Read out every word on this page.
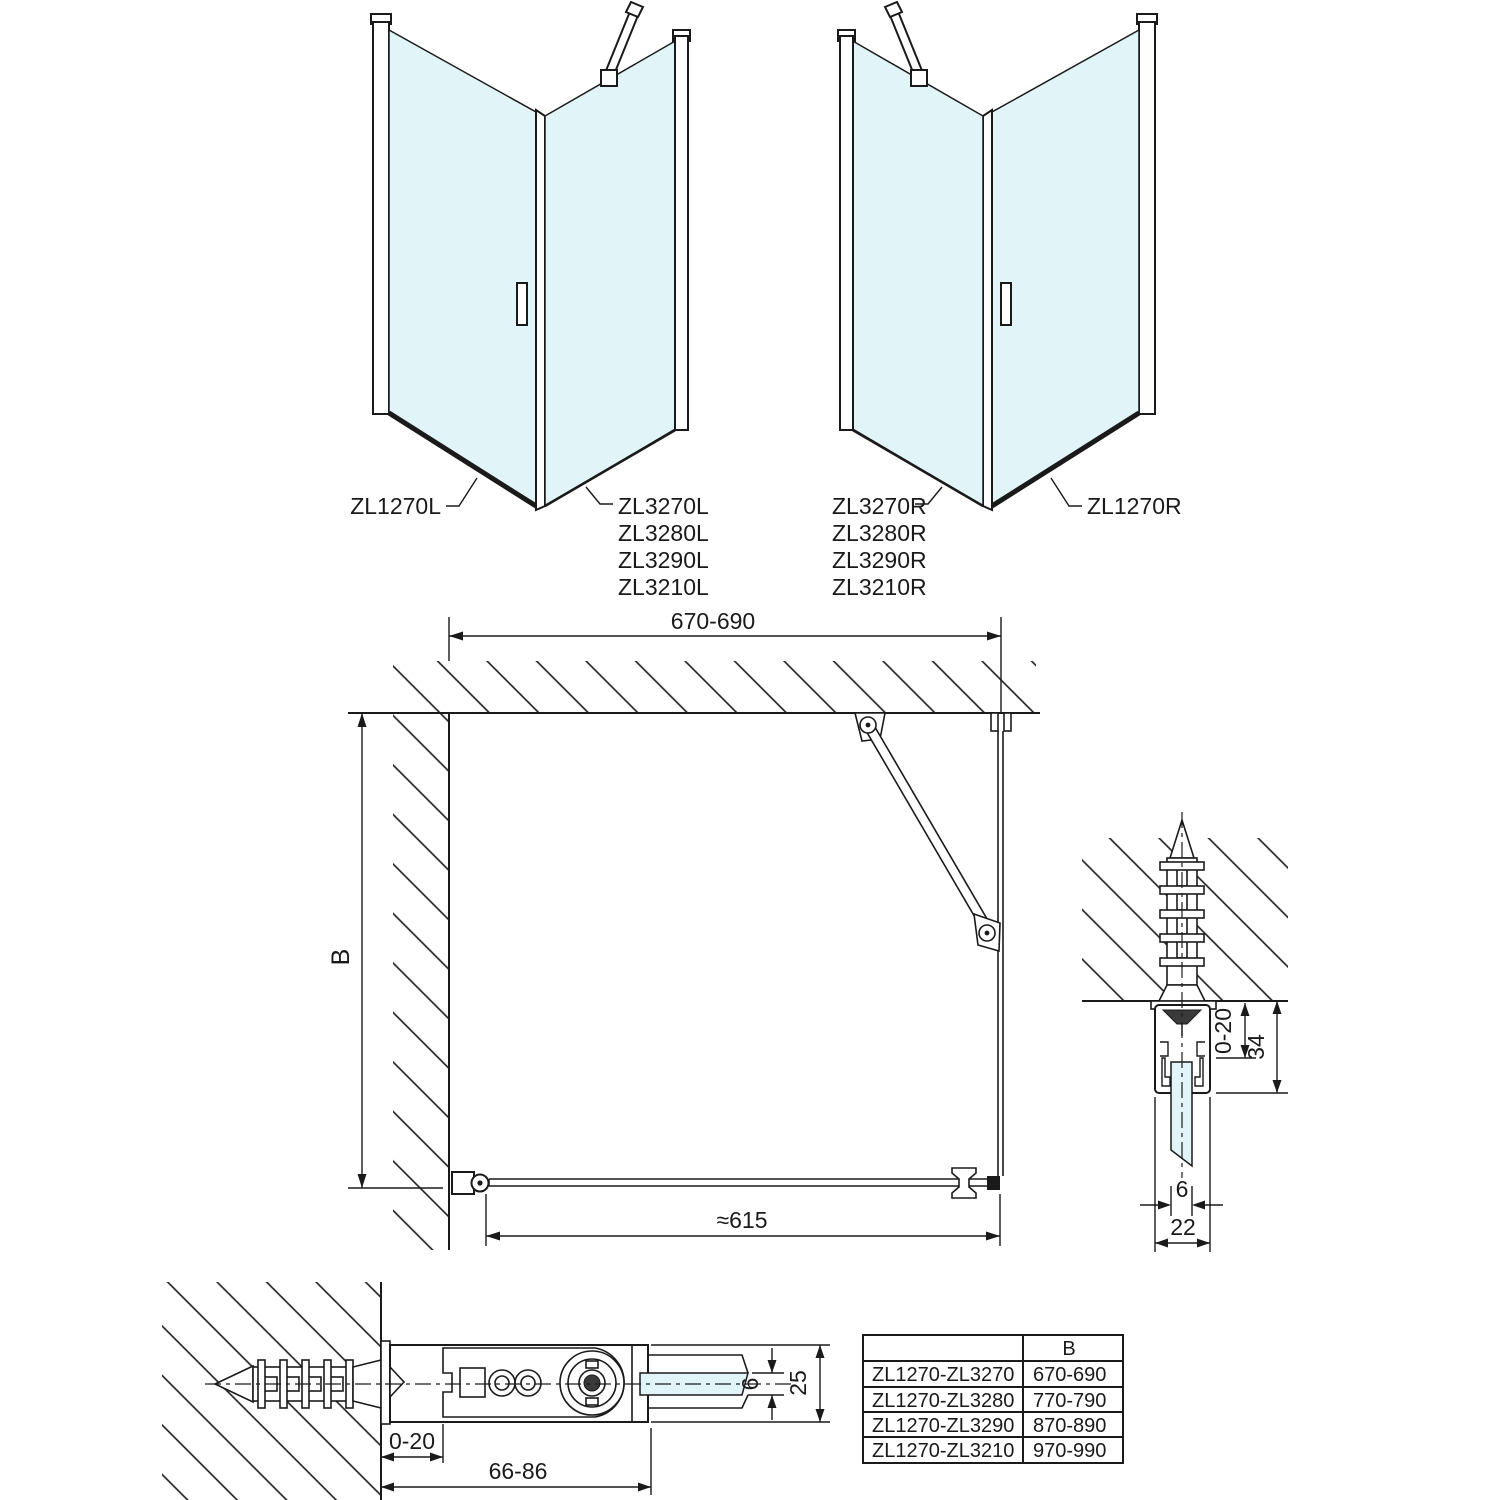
ZL1270L	ZL3270L
ZL3280L
ZL3290L
ZL3210L
ZL3270R
ZL3280R
ZL3290R
ZL3210R
ZL1270R
670-690
B
≈615
0-20 34
6
22
0-20
66-86
6 25
B
ZL1270-ZL3270 670-690
ZL1270-ZL3280 770-790
ZL1270-ZL3290 870-890
ZL1270-ZL3210 970-990
